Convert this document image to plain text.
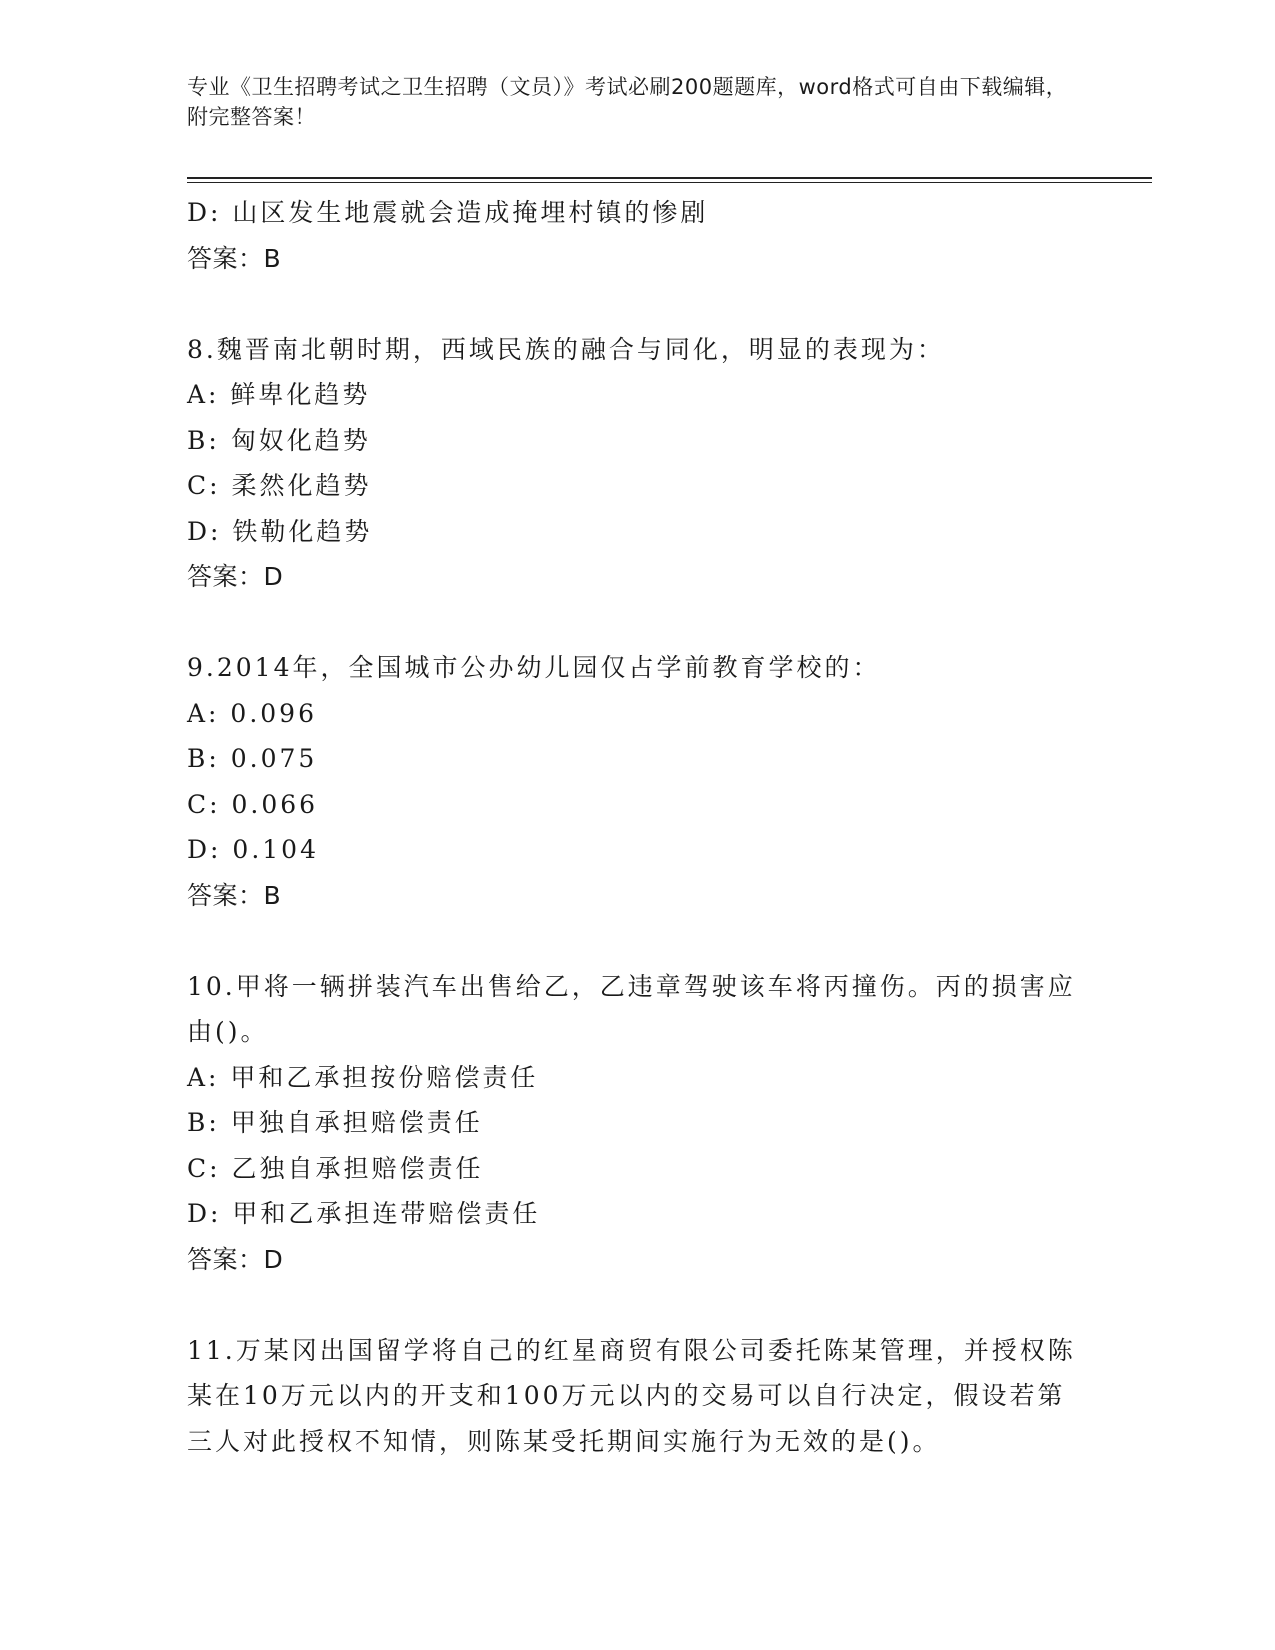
专业《卫生招聘考试之卫生招聘（文员）》考试必刷200题题库，word格式可自由下载编辑，附完整答案！
D: 山区发生地震就会造成掩埋村镇的惨剧
答案：B
8.魏晋南北朝时期，西域民族的融合与同化，明显的表现为：
A: 鲜卑化趋势
B: 匈奴化趋势
C: 柔然化趋势
D: 铁勒化趋势
答案：D
9.2014年，全国城市公办幼儿园仅占学前教育学校的：
A: 0.096
B: 0.075
C: 0.066
D: 0.104
答案：B
10.甲将一辆拼装汽车出售给乙，乙违章驾驶该车将丙撞伤。丙的损害应由()。
A: 甲和乙承担按份赔偿责任
B: 甲独自承担赔偿责任
C: 乙独自承担赔偿责任
D: 甲和乙承担连带赔偿责任
答案：D
11.万某冈出国留学将自己的红星商贸有限公司委托陈某管理，并授权陈某在10万元以内的开支和100万元以内的交易可以自行决定，假设若第三人对此授权不知情，则陈某受托期间实施行为无效的是()。
